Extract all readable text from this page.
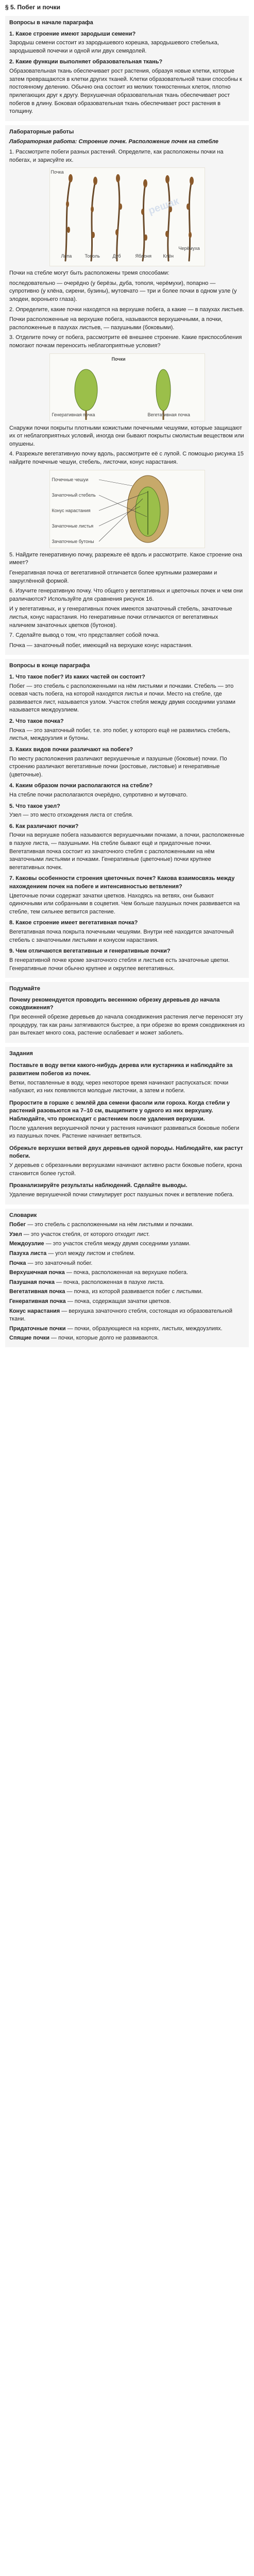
§ 5. Побег и почки
Вопросы в начале параграфа
1. Какое строение имеют зародыши семени?
Зародыш семени состоит из зародышевого корешка, зародышевого стебелька, зародышевой почечки и одной или двух семядолей.
2. Какие функции выполняет образовательная ткань?
Образовательная ткань обеспечивает рост растения, образуя новые клетки, которые затем превращаются в клетки других тканей. Клетки образовательной ткани способны к постоянному делению. Обычно она состоит из мелких тонкостенных клеток, плотно прилегающих друг к другу. Верхушечная образовательная ткань обеспечивает рост побегов в длину. Боковая образовательная ткань обеспечивает рост растения в толщину.
Лабораторные работы
Лабораторная работа: Строение почек. Расположение почек на стебле
1. Рассмотрите побеги разных растений. Определите, как расположены почки на побегах, и зарисуйте их.
Почка
Липа	Тополь	Дуб	Яблоня	Клён
Черёмуха
решак
Почки на стебле могут быть расположены тремя способами:
последовательно — очерёдно (у берёзы, дуба, тополя, черёмухи), попарно — супротивно (у клёна, сирени, бузины), мутовчато — три и более почки в одном узле (у элодеи, вороньего глаза).
2. Определите, какие почки находятся на верхушке побега, а какие — в пазухах листьев.
Почки расположенные на верхушке побега, называются верхушечными, а почки, расположенные в пазухах листьев, — пазушными (боковыми).
3. Отделите почку от побега, рассмотрите её внешнее строение. Какие приспособления помогают почкам переносить неблагоприятные условия?
Почки
Генеративная почка	Вегетативная почка
Снаружи почки покрыты плотными кожистыми почечными чешуями, которые защищают их от неблагоприятных условий, иногда они бывают покрыты смолистым веществом или опушены.
4. Разрежьте вегетативную почку вдоль, рассмотрите её с лупой. С помощью рисунка 15 найдите почечные чешуи, стебель, листочки, конус нарастания.
Почечные чешуи
Зачаточный стебель
Конус нарастания
Зачаточные листья
Зачаточные бутоны
5. Найдите генеративную почку, разрежьте её вдоль и рассмотрите. Какое строение она имеет?
Генеративная почка от вегетативной отличается более крупными размерами и закруглённой формой.
6. Изучите генеративную почку. Что общего у вегетативных и цветочных почек и чем они различаются? Используйте для сравнения рисунок 16.
И у вегетативных, и у генеративных почек имеются зачаточный стебель, зачаточные листья, конус нарастания. Но генеративные почки отличаются от вегетативных наличием зачаточных цветков (бутонов).
7. Сделайте вывод о том, что представляет собой почка.
Почка — зачаточный побег, имеющий на верхушке конус нарастания.
Вопросы в конце параграфа
1. Что такое побег? Из каких частей он состоит?
Побег — это стебель с расположенными на нём листьями и почками. Стебель — это осевая часть побега, на которой находятся листья и почки. Место на стебле, где развивается лист, называется узлом. Участок стебля между двумя соседними узлами называется междоузлием.
2. Что такое почка?
Почка — это зачаточный побег, т.е. это побег, у которого ещё не развились стебель, листья, междоузлия и бутоны.
3. Каких видов почки различают на побеге?
По месту расположения различают верхушечные и пазушные (боковые) почки. По строению различают вегетативные почки (ростовые, листовые) и генеративные (цветочные).
4. Каким образом почки располагаются на стебле?
На стебле почки располагаются очерёдно, супротивно и мутовчато.
5. Что такое узел?
Узел — это место отхождения листа от стебля.
6. Как различают почки?
Почки на верхушке побега называются верхушечными почками, а почки, расположенные в пазухе листа, — пазушными. На стебле бывают ещё и придаточные почки. Вегетативная почка состоит из зачаточного стебля с расположенными на нём зачаточными листьями и почками. Генеративные (цветочные) почки крупнее вегетативных почек.
7. Каковы особенности строения цветочных почек? Какова взаимосвязь между нахождением почек на побеге и интенсивностью ветвления?
Цветочные почки содержат зачатки цветков. Находясь на ветвях, они бывают одиночными или собранными в соцветия. Чем больше пазушных почек развивается на стебле, тем сильнее ветвится растение.
8. Какое строение имеет вегетативная почка?
Вегетативная почка покрыта почечными чешуями. Внутри неё находится зачаточный стебель с зачаточными листьями и конусом нарастания.
9. Чем отличаются вегетативные и генеративные почки?
В генеративной почке кроме зачаточного стебля и листьев есть зачаточные цветки. Генеративные почки обычно крупнее и округлее вегетативных.
Подумайте
Почему рекомендуется проводить весеннюю обрезку деревьев до начала сокодвижения?
При весенней обрезке деревьев до начала сокодвижения растения легче переносят эту процедуру, так как раны затягиваются быстрее, а при обрезке во время сокодвижения из ран вытекает много сока, растение ослабевает и может заболеть.
Задания
Поставьте в воду ветки какого-нибудь дерева или кустарника и наблюдайте за развитием побегов из почек.
Ветки, поставленные в воду, через некоторое время начинают распускаться: почки набухают, из них появляются молодые листочки, а затем и побеги.
Проростите в горшке с землёй два семени фасоли или гороха. Когда стебли у растений разовьются на 7–10 см, выщипните у одного из них верхушку. Наблюдайте, что происходит с растением после удаления верхушки.
После удаления верхушечной почки у растения начинают развиваться боковые побеги из пазушных почек. Растение начинает ветвиться.
Обрежьте верхушки ветвей двух деревьев одной породы. Наблюдайте, как растут побеги.
У деревьев с обрезанными верхушками начинают активно расти боковые побеги, крона становится более густой.
Проанализируйте результаты наблюдений. Сделайте выводы.
Удаление верхушечной почки стимулирует рост пазушных почек и ветвление побега.
Словарик
Побег — это стебель с расположенными на нём листьями и почками.
Узел — это участок стебля, от которого отходит лист.
Междоузлие — это участок стебля между двумя соседними узлами.
Пазуха листа — угол между листом и стеблем.
Почка — это зачаточный побег.
Верхушечная почка — почка, расположенная на верхушке побега.
Пазушная почка — почка, расположенная в пазухе листа.
Вегетативная почка — почка, из которой развивается побег с листьями.
Генеративная почка — почка, содержащая зачатки цветков.
Конус нарастания — верхушка зачаточного стебля, состоящая из образовательной ткани.
Придаточные почки — почки, образующиеся на корнях, листьях, междоузлиях.
Спящие почки — почки, которые долго не развиваются.
